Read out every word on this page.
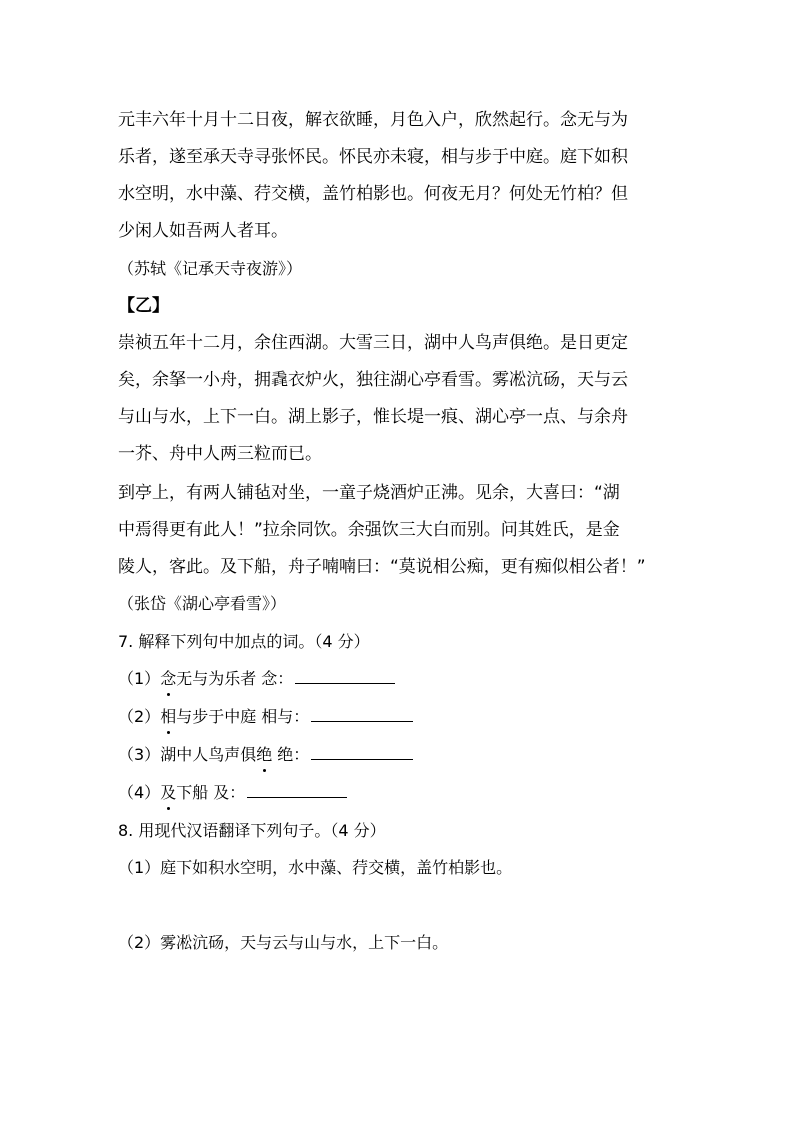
元丰六年十月十二日夜，解衣欲睡，月色入户，欣然起行。念无与为
乐者，遂至承天寺寻张怀民。怀民亦未寝，相与步于中庭。庭下如积
水空明，水中藻、荇交横，盖竹柏影也。何夜无月？何处无竹柏？但
少闲人如吾两人者耳。
（苏轼《记承天寺夜游》）
【乙】
崇祯五年十二月，余住西湖。大雪三日，湖中人鸟声俱绝。是日更定
矣，余拏一小舟，拥毳衣炉火，独往湖心亭看雪。雾凇沆砀，天与云
与山与水，上下一白。湖上影子，惟长堤一痕、湖心亭一点、与余舟
一芥、舟中人两三粒而已。
到亭上，有两人铺毡对坐，一童子烧酒炉正沸。见余，大喜曰：“湖
中焉得更有此人！”拉余同饮。余强饮三大白而别。问其姓氏，是金
陵人，客此。及下船，舟子喃喃曰：“莫说相公痴，更有痴似相公者！”
（张岱《湖心亭看雪》）
7. 解释下列句中加点的词。（4 分）
（1）念无与为乐者 念：
（2）相与步于中庭 相与：
（3）湖中人鸟声俱绝 绝：
（4）及下船 及：
8. 用现代汉语翻译下列句子。（4 分）
（1）庭下如积水空明，水中藻、荇交横，盖竹柏影也。
（2）雾凇沆砀，天与云与山与水，上下一白。
